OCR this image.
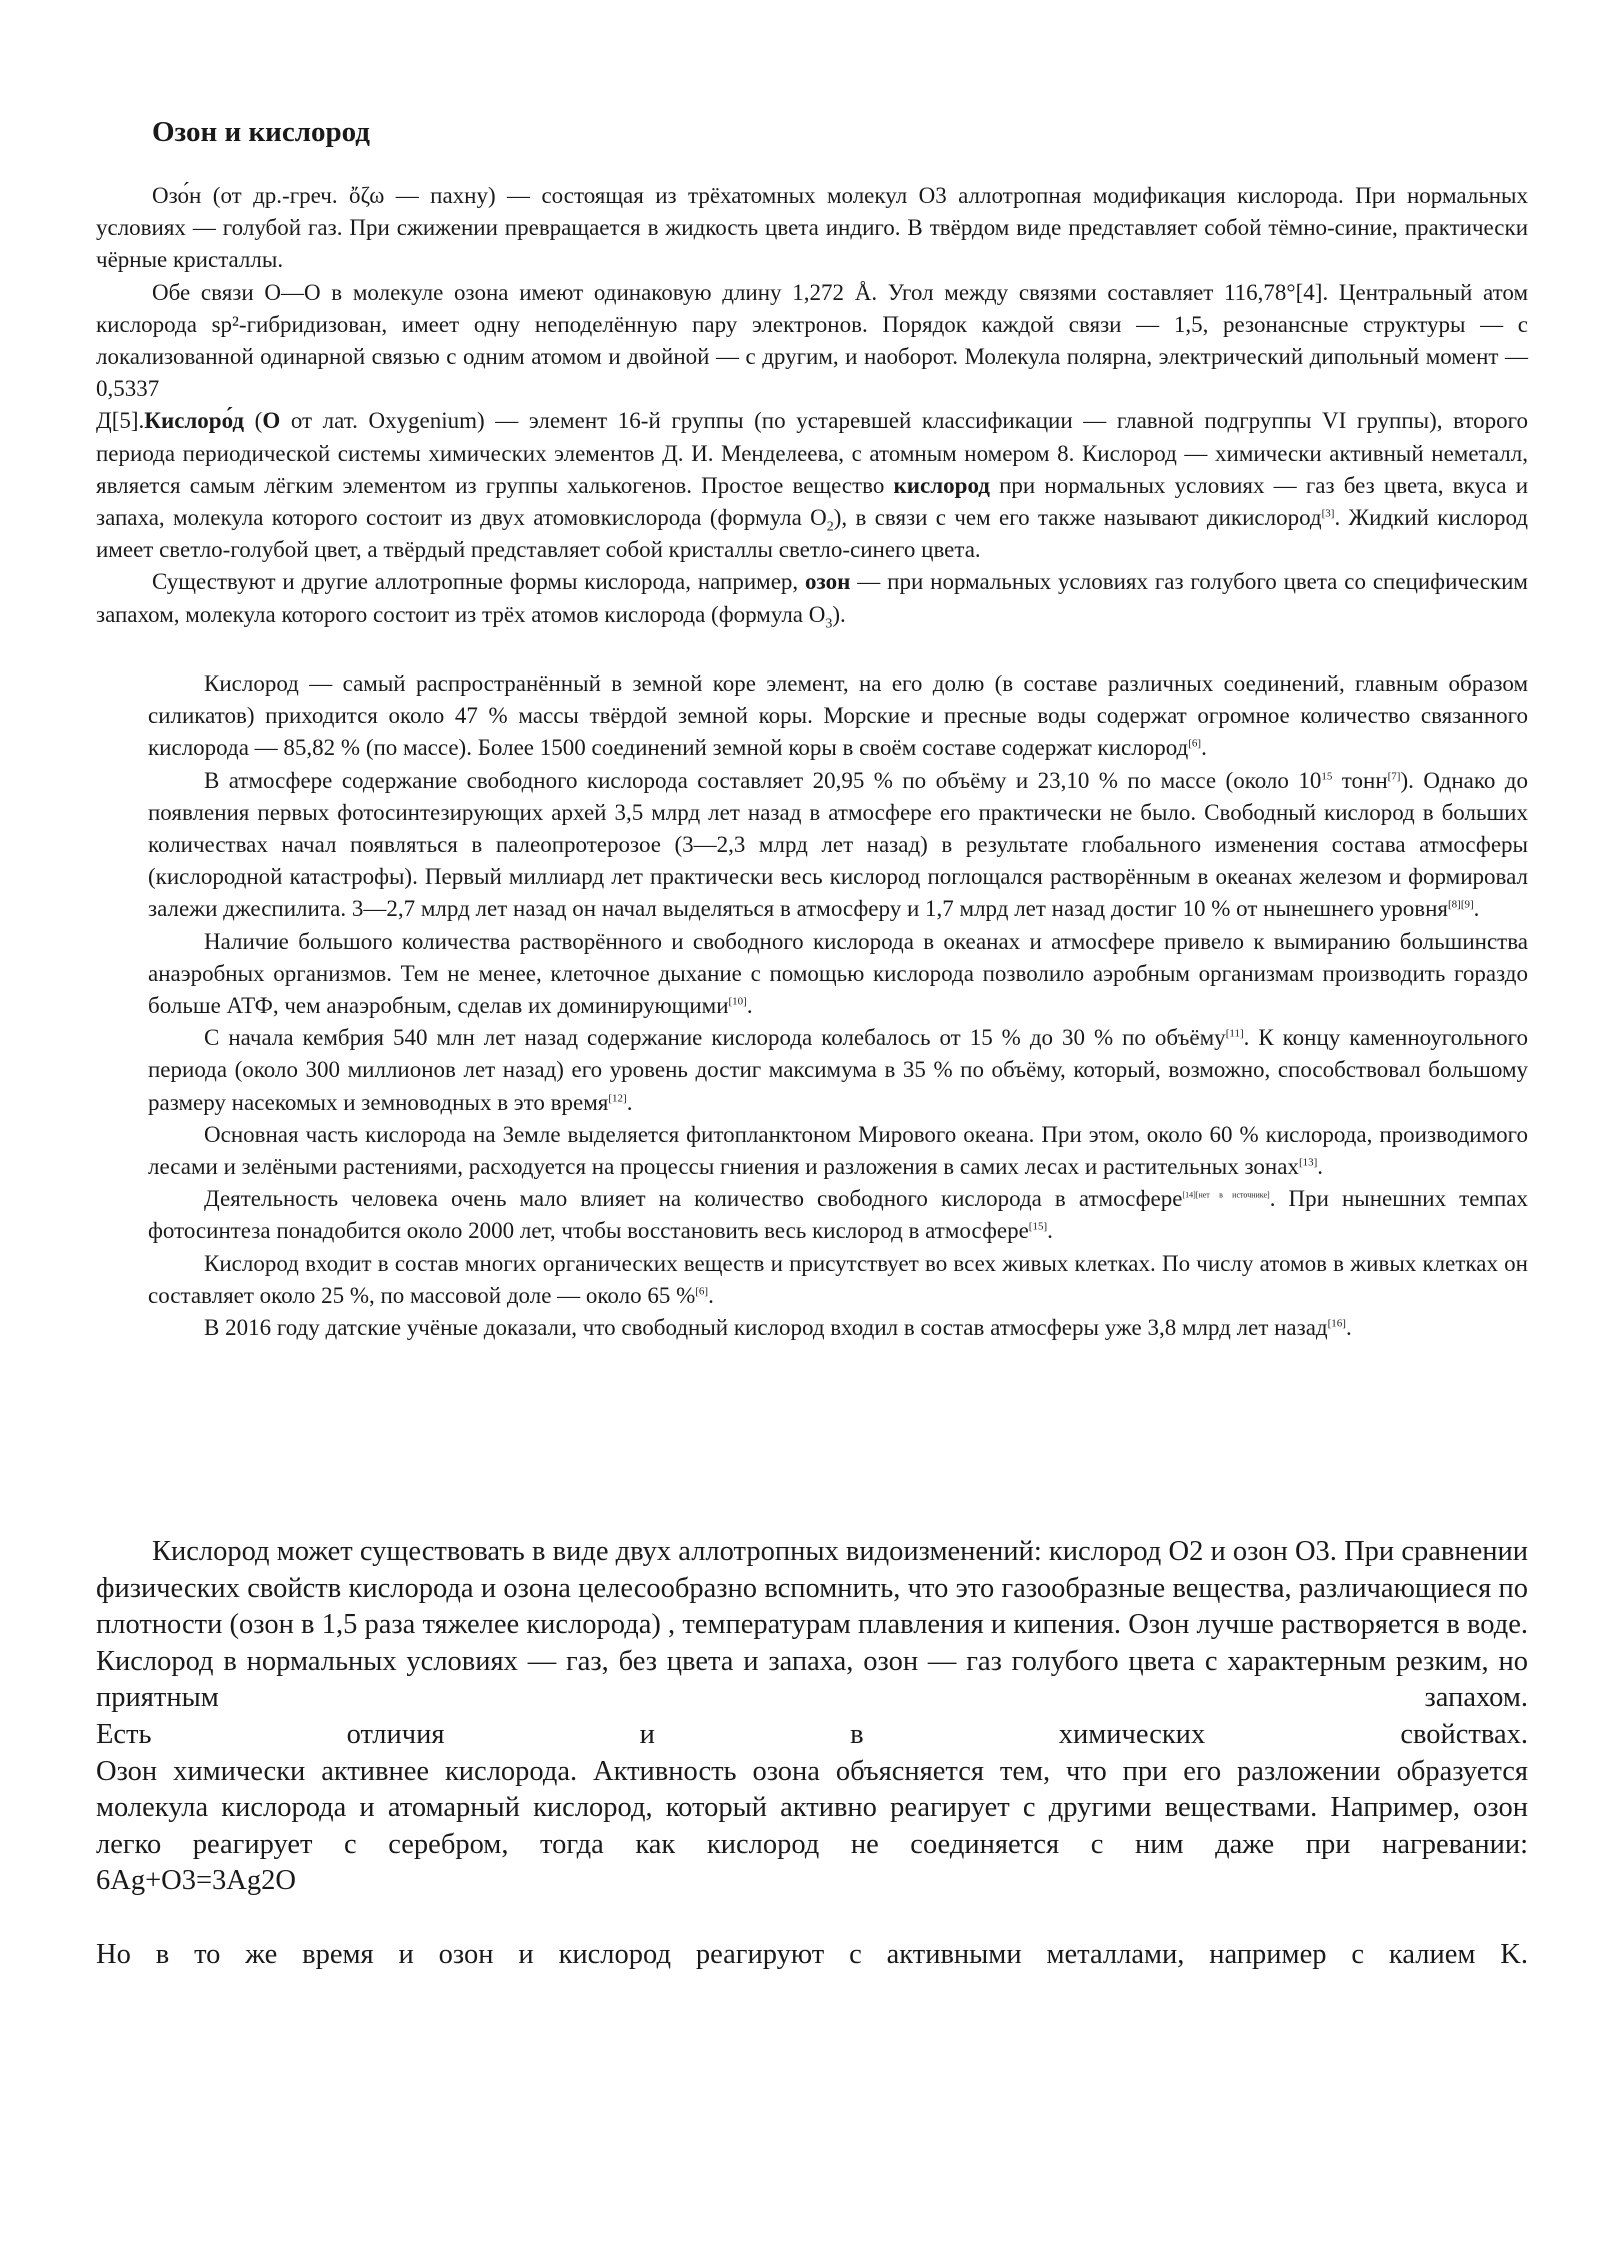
Озон и кислород

Озо́н (от др.-греч. ὄζω — пахну) — состоящая из трёхатомных молекул O3 аллотропная модификация кислорода. При нормальных условиях — голубой газ. При сжижении превращается в жидкость цвета индиго. В твёрдом виде представляет собой тёмно-синие, практически чёрные кристаллы.

Обе связи O—O в молекуле озона имеют одинаковую длину 1,272 Å. Угол между связями составляет 116,78°[4]. Центральный атом кислорода sp²-гибридизован, имеет одну неподелённую пару электронов. Порядок каждой связи — 1,5, резонансные структуры — с локализованной одинарной связью с одним атомом и двойной — с другим, и наоборот. Молекула полярна, электрический дипольный момент — 0,5337

Д[5].Кислоро́д (O от лат. Oxygenium) — элемент 16-й группы (по устаревшей классификации — главной подгруппы VI группы), второго периода периодической системы химических элементов Д. И. Менделеева, с атомным номером 8. Кислород — химически активный неметалл, является самым лёгким элементом из группы халькогенов. Простое вещество кислород при нормальных условиях — газ без цвета, вкуса и запаха, молекула которого состоит из двух атомовкислорода (формула $O_2$), в связи с чем его также называют дикислород[3]. Жидкий кислород имеет светло-голубой цвет, а твёрдый представляет собой кристаллы светло-синего цвета.

Существуют и другие аллотропные формы кислорода, например, озон — при нормальных условиях газ голубого цвета со специфическим запахом, молекула которого состоит из трёх атомов кислорода (формула $O_3$).

Кислород — самый распространённый в земной коре элемент, на его долю (в составе различных соединений, главным образом силикатов) приходится около 47 % массы твёрдой земной коры. Морские и пресные воды содержат огромное количество связанного кислорода — 85,82 % (по массе). Более 1500 соединений земной коры в своём составе содержат кислород[6].

В атмосфере содержание свободного кислорода составляет 20,95 % по объёму и 23,10 % по массе (около $10^{15}$ тонн[7]). Однако до появления первых фотосинтезирующих архей 3,5 млрд лет назад в атмосфере его практически не было. Свободный кислород в больших количествах начал появляться в палеопротерозое (3—2,3 млрд лет назад) в результате глобального изменения состава атмосферы (кислородной катастрофы). Первый миллиард лет практически весь кислород поглощался растворённым в океанах железом и формировал залежи джеспилита. 3—2,7 млрд лет назад он начал выделяться в атмосферу и 1,7 млрд лет назад достиг 10 % от нынешнего уровня[8][9].

Наличие большого количества растворённого и свободного кислорода в океанах и атмосфере привело к вымиранию большинства анаэробных организмов. Тем не менее, клеточное дыхание с помощью кислорода позволило аэробным организмам производить гораздо больше АТФ, чем анаэробным, сделав их доминирующими[10].

С начала кембрия 540 млн лет назад содержание кислорода колебалось от 15 % до 30 % по объёму[11]. К концу каменноугольного периода (около 300 миллионов лет назад) его уровень достиг максимума в 35 % по объёму, который, возможно, способствовал большому размеру насекомых и земноводных в это время[12].

Основная часть кислорода на Земле выделяется фитопланктоном Мирового океана. При этом, около 60 % кислорода, производимого лесами и зелёными растениями, расходуется на процессы гниения и разложения в самих лесах и растительных зонах[13].

Деятельность человека очень мало влияет на количество свободного кислорода в атмосфере[14][нет в источнике]. При нынешних темпах фотосинтеза понадобится около 2000 лет, чтобы восстановить весь кислород в атмосфере[15].

Кислород входит в состав многих органических веществ и присутствует во всех живых клетках. По числу атомов в живых клетках он составляет около 25 %, по массовой доле — около 65 %[6].

В 2016 году датские учёные доказали, что свободный кислород входил в состав атмосферы уже 3,8 млрд лет назад[16].

Кислород может существовать в виде двух аллотропных видоизменений: кислород O2 и озон O3. При сравнении физических свойств кислорода и озона целесообразно вспомнить, что это газообразные вещества, различающиеся по плотности (озон в 1,5 раза тяжелее кислорода) , температурам плавления и кипения. Озон лучше растворяется в воде.

Кислород в нормальных условиях — газ, без цвета и запаха, озон — газ голубого цвета с характерным резким, но приятным запахом.

Есть отличия и в химических свойствах.

Озон химически активнее кислорода. Активность озона объясняется тем, что при его разложении образуется молекула кислорода и атомарный кислород, который активно реагирует с другими веществами. Например, озон легко реагирует с серебром, тогда как кислород не соединяется с ним даже при нагревании:

6Ag+O3=3Ag2O

Но в то же время и озон и кислород реагируют с активными металлами, например с калием K.
